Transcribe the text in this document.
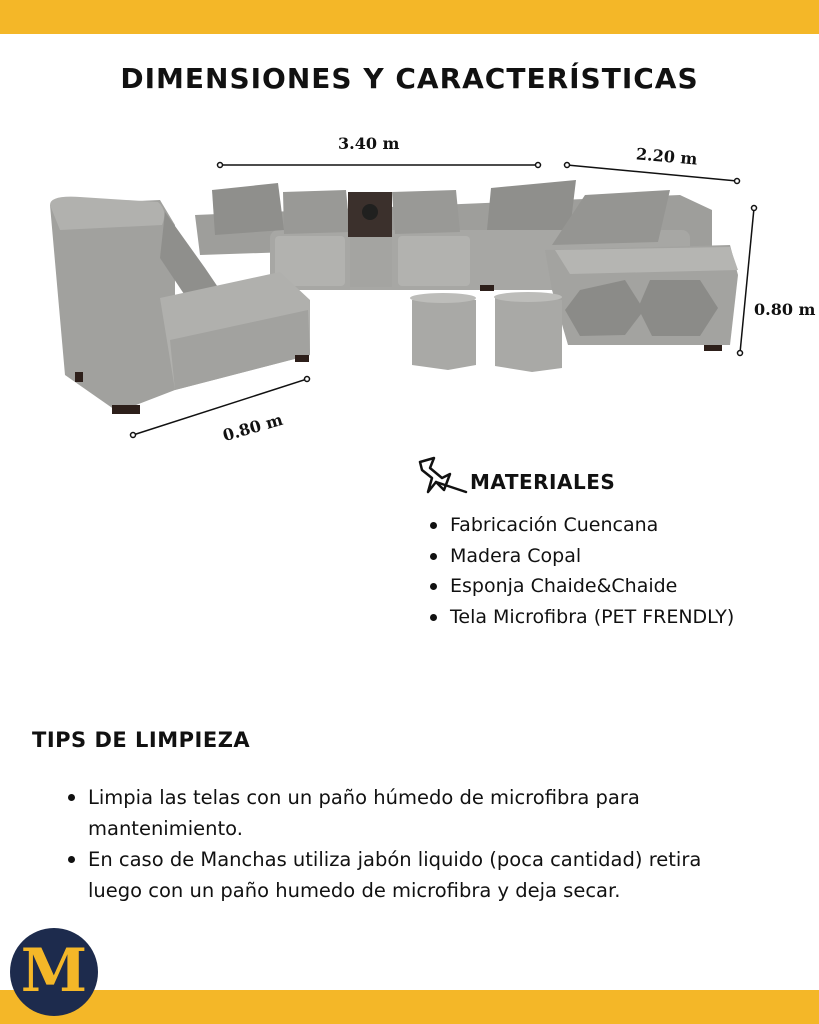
DIMENSIONES Y CARACTERÍSTICAS
3.40 m
2.20 m
0.80 m
0.80 m
MATERIALES
Fabricación Cuencana
Madera Copal
Esponja Chaide&Chaide
Tela Microfibra (PET FRENDLY)
TIPS DE LIMPIEZA
Limpia las telas con un paño húmedo de microfibra para mantenimiento.
En caso de Manchas utiliza jabón liquido (poca cantidad) retira luego con un paño humedo de microfibra y deja secar.
M
